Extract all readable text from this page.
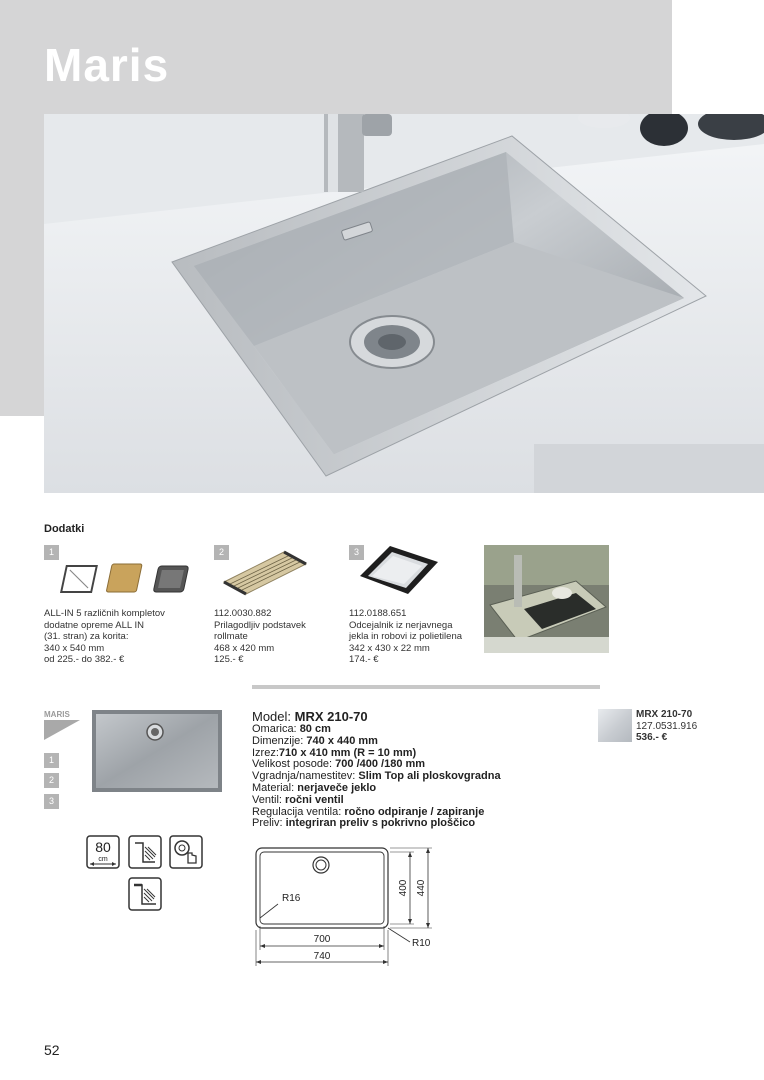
Maris
Dodatki
1
ALL-IN 5 različnih kompletov
dodatne opreme ALL IN
(31. stran) za korita:
340 x 540 mm
od 225.- do 382.- €
2
112.0030.882
Prilagodljiv podstavek
rollmate
468 x 420 mm
125.- €
3
112.0188.651
Odcejalnik iz nerjavnega
jekla in robovi iz polietilena
342 x 430 x 22 mm
174.- €
MARIS
1
2
3
80
cm
Model: MRX 210-70
Omarica: 80 cm
Dimenzije: 740 x 440 mm
Izrez:710 x 410 mm (R = 10 mm)
Velikost posode: 700 /400 /180 mm
Vgradnja/namestitev: Slim Top ali ploskovgradna
Material: nerjaveče jeklo
Ventil: ročni ventil
Regulacija ventila: ročno odpiranje / zapiranje
Preliv: integriran preliv s pokrivno ploščico
MRX 210-70
127.0531.916
536.- €
R16
700
740
R10
400 440
52
